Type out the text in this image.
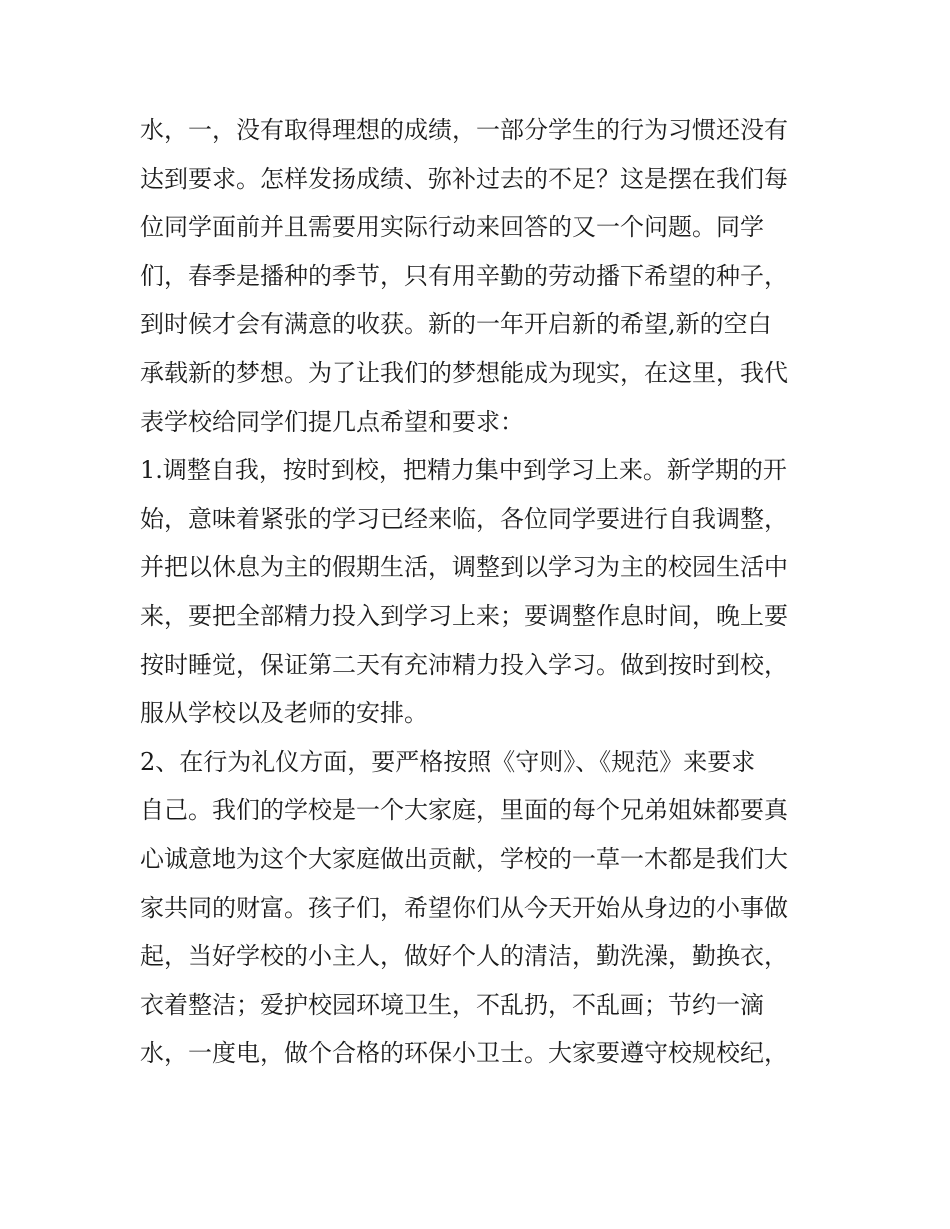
水，一，没有取得理想的成绩，一部分学生的行为习惯还没有

达到要求。怎样发扬成绩、弥补过去的不足？这是摆在我们每

位同学面前并且需要用实际行动来回答的又一个问题。同学

们，春季是播种的季节，只有用辛勤的劳动播下希望的种子，

到时候才会有满意的收获。新的一年开启新的希望,新的空白

承载新的梦想。为了让我们的梦想能成为现实，在这里，我代

表学校给同学们提几点希望和要求：

1.调整自我，按时到校，把精力集中到学习上来。新学期的开

始，意味着紧张的学习已经来临，各位同学要进行自我调整，

并把以休息为主的假期生活，调整到以学习为主的校园生活中

来，要把全部精力投入到学习上来；要调整作息时间，晚上要

按时睡觉，保证第二天有充沛精力投入学习。做到按时到校，

服从学校以及老师的安排。

2、在行为礼仪方面，要严格按照《守则》、《规范》来要求

自己。我们的学校是一个大家庭，里面的每个兄弟姐妹都要真

心诚意地为这个大家庭做出贡献，学校的一草一木都是我们大

家共同的财富。孩子们，希望你们从今天开始从身边的小事做

起，当好学校的小主人，做好个人的清洁，勤洗澡，勤换衣，

衣着整洁；爱护校园环境卫生，不乱扔，不乱画；节约一滴

水，一度电，做个合格的环保小卫士。大家要遵守校规校纪，
